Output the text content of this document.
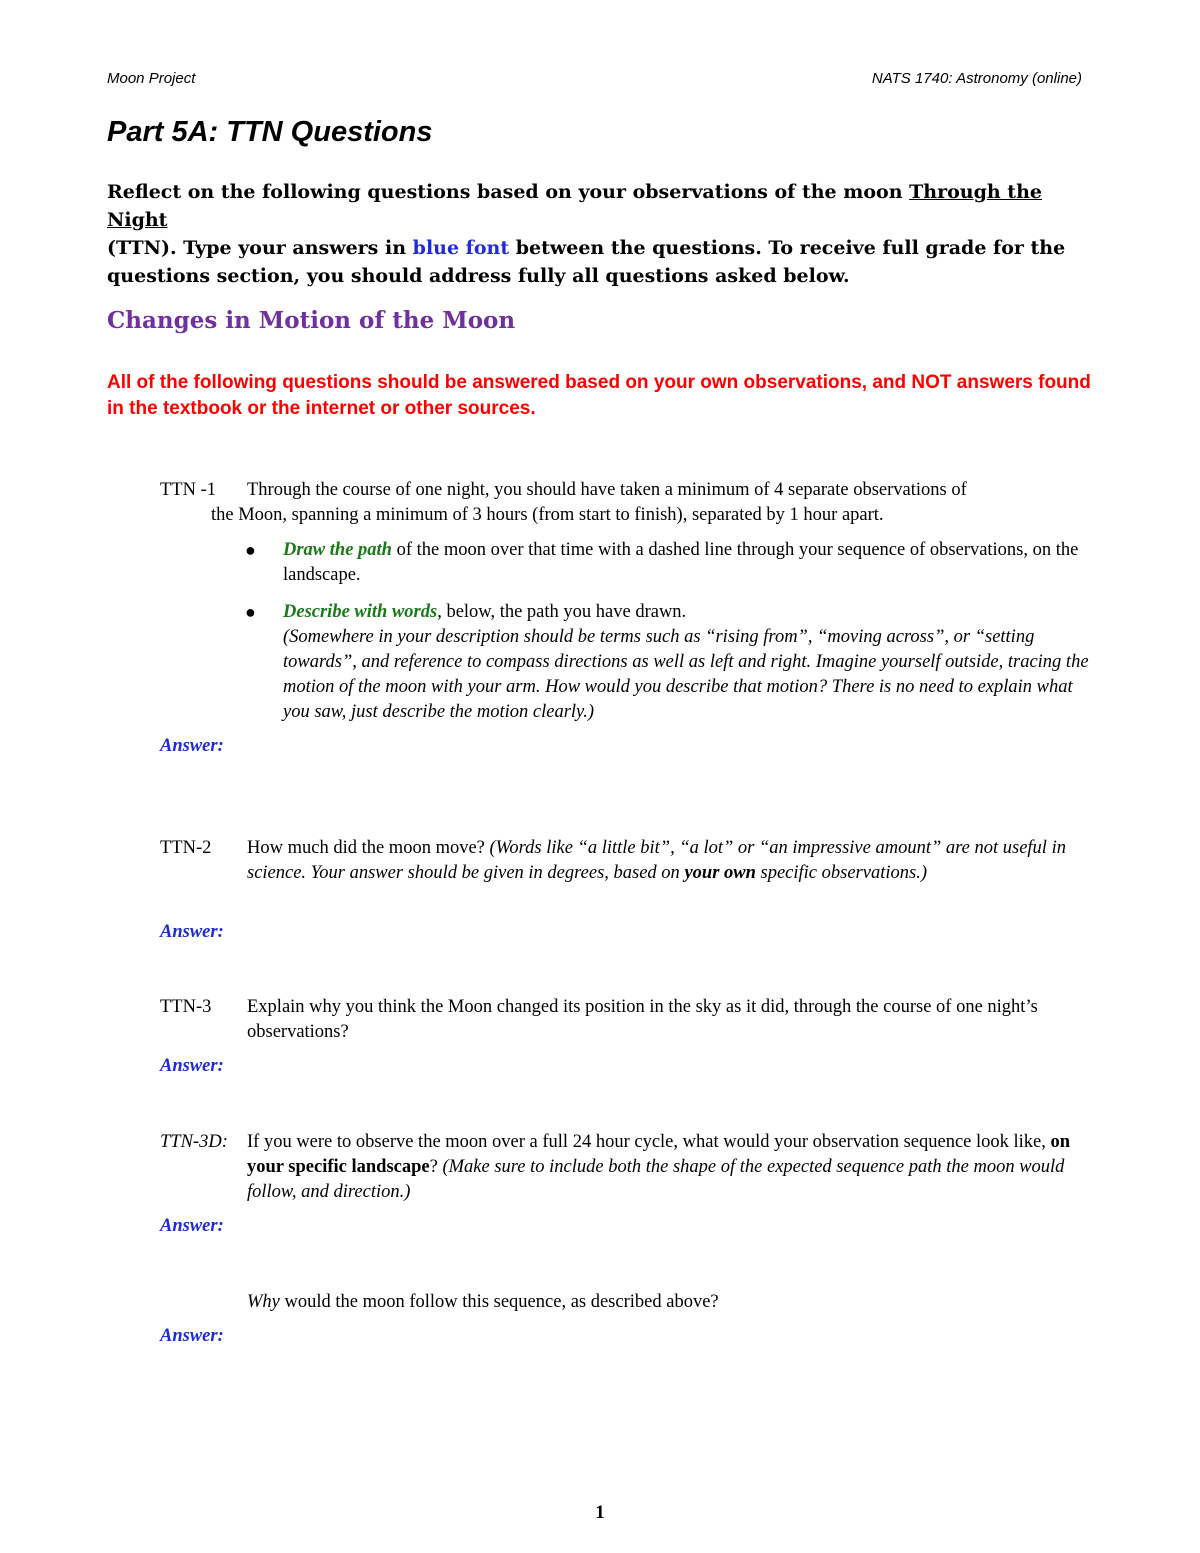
Moon Project	NATS 1740: Astronomy (online)
Part 5A: TTN Questions
Reflect on the following questions based on your observations of the moon Through the Night
(TTN). Type your answers in blue font between the questions. To receive full grade for the questions section, you should address fully all questions asked below.
Changes in Motion of the Moon
All of the following questions should be answered based on your own observations, and NOT answers found in the textbook or the internet or other sources.
TTN -1 Through the course of one night, you should have taken a minimum of 4 separate observations of
the Moon, spanning a minimum of 3 hours (from start to finish), separated by 1 hour apart.
● Draw the path of the moon over that time with a dashed line through your sequence of observations, on the landscape.
● Describe with words, below, the path you have drawn.
(Somewhere in your description should be terms such as “rising from”, “moving across”, or “setting towards”, and reference to compass directions as well as left and right. Imagine yourself outside, tracing the motion of the moon with your arm. How would you describe that motion? There is no need to explain what you saw, just describe the motion clearly.)
Answer:
TTN-2 How much did the moon move? (Words like “a little bit”, “a lot” or “an impressive amount” are not useful in science. Your answer should be given in degrees, based on your own specific observations.)
Answer:
TTN-3 Explain why you think the Moon changed its position in the sky as it did, through the course of one night’s observations?
Answer:
TTN-3D: If you were to observe the moon over a full 24 hour cycle, what would your observation sequence look like, on your specific landscape? (Make sure to include both the shape of the expected sequence path the moon would follow, and direction.)
Answer:
Why would the moon follow this sequence, as described above?
Answer:
1
